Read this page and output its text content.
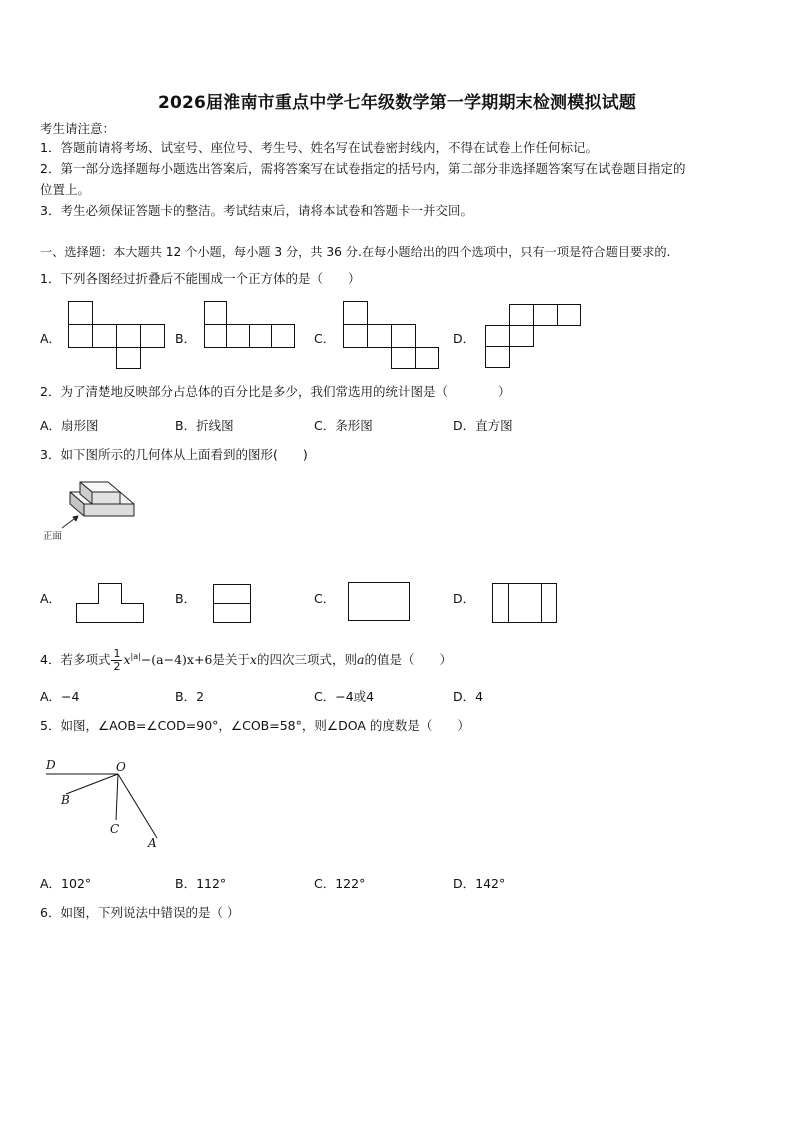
2026届淮南市重点中学七年级数学第一学期期末检测模拟试题
考生请注意：
1．答题前请将考场、试室号、座位号、考生号、姓名写在试卷密封线内，不得在试卷上作任何标记。
2．第一部分选择题每小题选出答案后，需将答案写在试卷指定的括号内，第二部分非选择题答案写在试卷题目指定的
位置上。
3．考生必须保证答题卡的整洁。考试结束后，请将本试卷和答题卡一并交回。
一、选择题：本大题共 12 个小题，每小题 3 分，共 36 分.在每小题给出的四个选项中，只有一项是符合题目要求的.
1．下列各图经过折叠后不能围成一个正方体的是（　　）
A．	B．	C．	D．
2．为了清楚地反映部分占总体的百分比是多少，我们常选用的统计图是（　　　　）
A．扇形图	B．折线图	C．条形图	D．直方图
3．如下图所示的几何体从上面看到的图形(　　)
正面
A．	B．	C．	D．
4．若多项式 $\frac{1}{2} x^{|a|}-(a-4)x+6$是关于x的四次三项式，则a的值是（　　）
A．−4	B．2	C．−4或4	D．4
5．如图，∠AOB=∠COD=90°，∠COB=58°，则∠DOA 的度数是（　　）
D	O
B
C
A
A．102°	B．112°	C．122°	D．142°
6．如图，下列说法中错误的是（ ）
